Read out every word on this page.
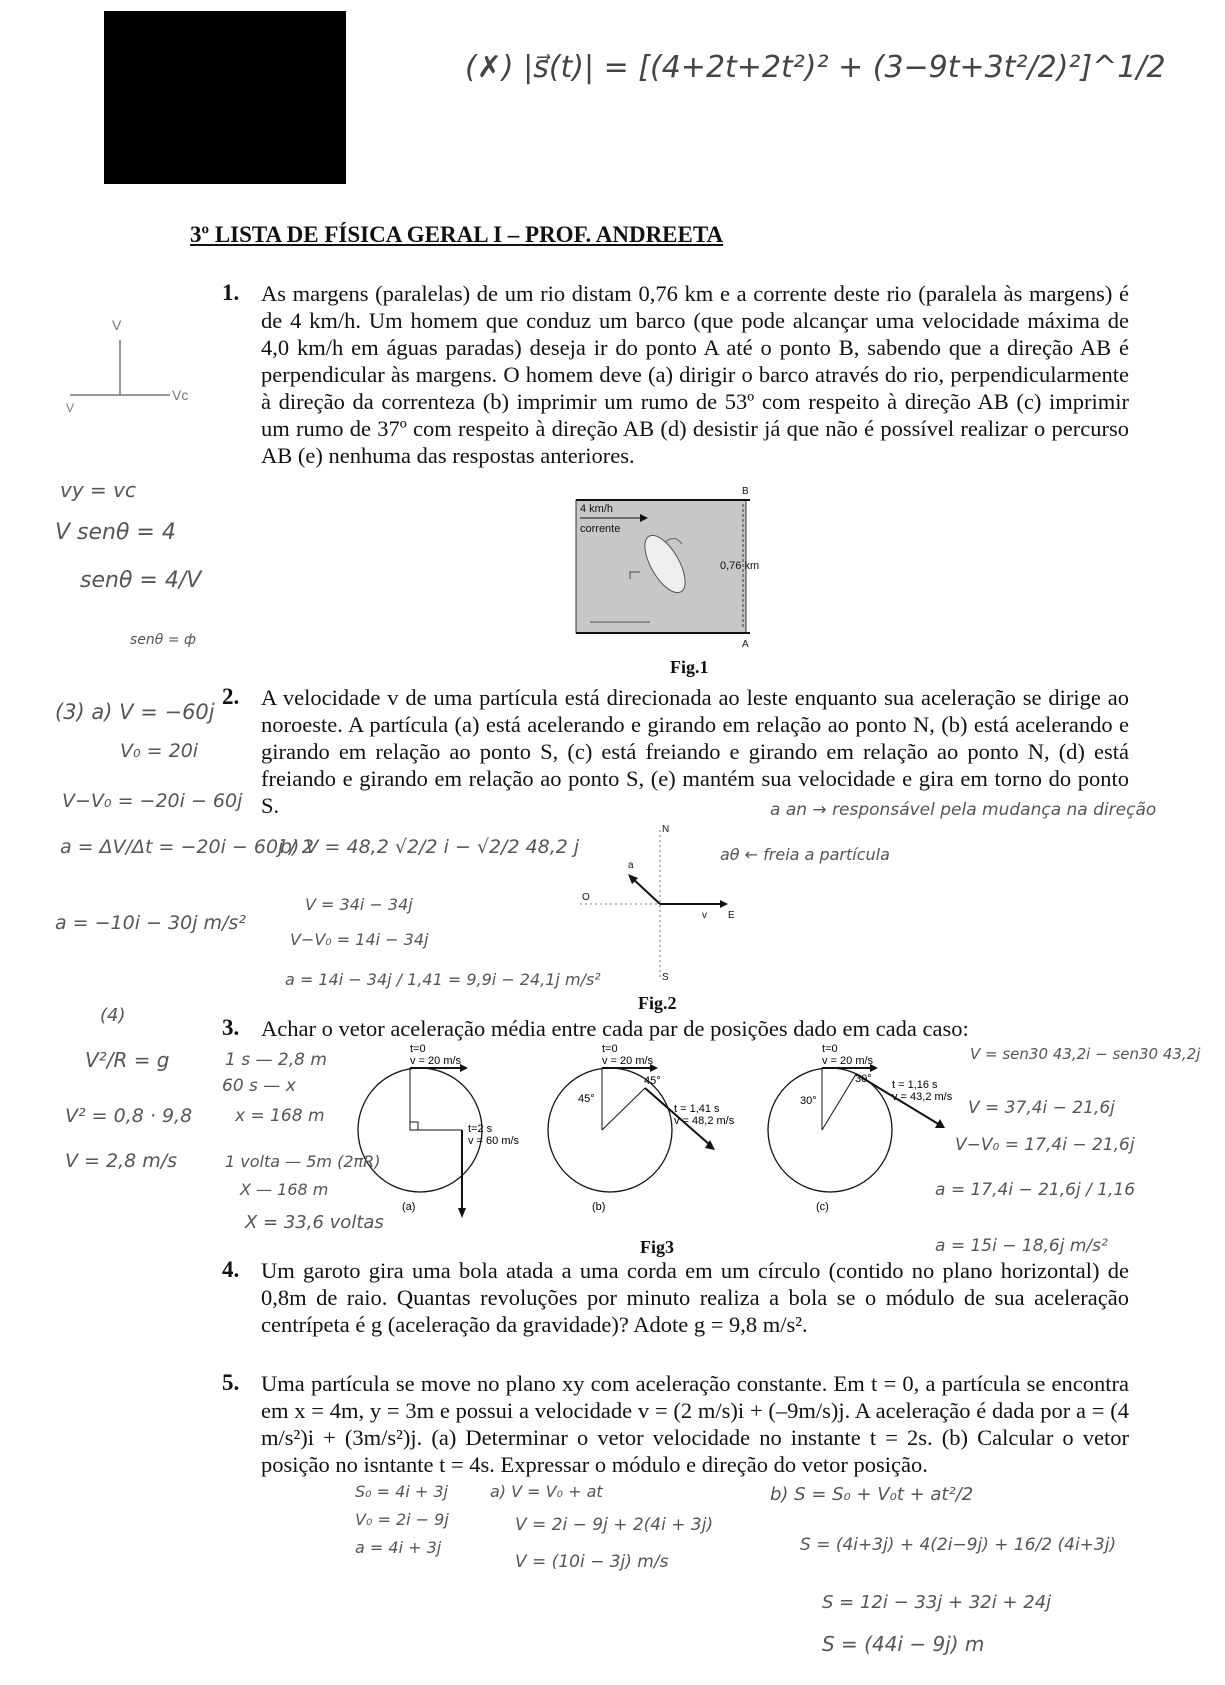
(✗) |s⃗(t)| = [(4+2t+2t²)² + (3−9t+3t²/2)²]^1/2
3º LISTA DE FÍSICA GERAL I – PROF. ANDREETA
1. As margens (paralelas) de um rio distam 0,76 km e a corrente deste rio (paralela às margens) é de 4 km/h. Um homem que conduz um barco (que pode alcançar uma velocidade máxima de 4,0 km/h em águas paradas) deseja ir do ponto A até o ponto B, sabendo que a direção AB é perpendicular às margens. O homem deve (a) dirigir o barco através do rio, perpendicularmente à direção da correnteza (b) imprimir um rumo de 53º com respeito à direção AB (c) imprimir um rumo de 37º com respeito à direção AB (d) desistir já que não é possível realizar o percurso AB (e) nenhuma das respostas anteriores.
V
Vc
V
vy = vc
V senθ = 4
senθ = 4/V
senθ = ф
4 km/h
corrente
0,76 km
B
A
Fig.1
2. A velocidade v de uma partícula está direcionada ao leste enquanto sua aceleração se dirige ao noroeste. A partícula (a) está acelerando e girando em relação ao ponto N, (b) está acelerando e girando em relação ao ponto S, (c) está freiando e girando em relação ao ponto N, (d) está freiando e girando em relação ao ponto S, (e) mantém sua velocidade e gira em torno do ponto S.
(3) a) V = −60j
V₀ = 20i
V−V₀ = −20i − 60j
a = ΔV/Δt = −20i − 60j / 2
a = −10i − 30j m/s²
b) V = 48,2 √2/2 i − √2/2 48,2 j
V = 34i − 34j
V−V₀ = 14i − 34j
a = 14i − 34j / 1,41 = 9,9i − 24,1j m/s²
a an → responsável pela mudança na direção
aθ ← freia a partícula
N
S
E
O
a
v
Fig.2
3. Achar o vetor aceleração média entre cada par de posições dado em cada caso:
t=0
v = 20 m/s
t=2 s
v = 60 m/s
(a)
t=0
v = 20 m/s
45°
45°
t = 1,41 s
v = 48,2 m/s
(b)
t=0
v = 20 m/s
30°
30° t = 1,16 s
v = 43,2 m/s
(c)
Fig3
(4)
V²/R = g
V² = 0,8 · 9,8
V = 2,8 m/s
1 s — 2,8 m
60 s — x
x = 168 m
1 volta — 5m (2πR)
X — 168 m
X = 33,6 voltas
V = sen30 43,2i − sen30 43,2j
V = 37,4i − 21,6j
V−V₀ = 17,4i − 21,6j
a = 17,4i − 21,6j / 1,16
a = 15i − 18,6j m/s²
4. Um garoto gira uma bola atada a uma corda em um círculo (contido no plano horizontal) de 0,8m de raio. Quantas revoluções por minuto realiza a bola se o módulo de sua aceleração centrípeta é g (aceleração da gravidade)? Adote g = 9,8 m/s².
5. Uma partícula se move no plano xy com aceleração constante. Em t = 0, a partícula se encontra em x = 4m, y = 3m e possui a velocidade v = (2 m/s)i + (–9m/s)j. A aceleração é dada por a = (4 m/s²)i + (3m/s²)j. (a) Determinar o vetor velocidade no instante t = 2s. (b) Calcular o vetor posição no isntante t = 4s. Expressar o módulo e direção do vetor posição.
S₀ = 4i + 3j
V₀ = 2i − 9j
a = 4i + 3j
a) V = V₀ + at
V = 2i − 9j + 2(4i + 3j)
V = (10i − 3j) m/s
b) S = S₀ + V₀t + at²/2
S = (4i+3j) + 4(2i−9j) + 16/2 (4i+3j)
S = 12i − 33j + 32i + 24j
S = (44i − 9j) m
